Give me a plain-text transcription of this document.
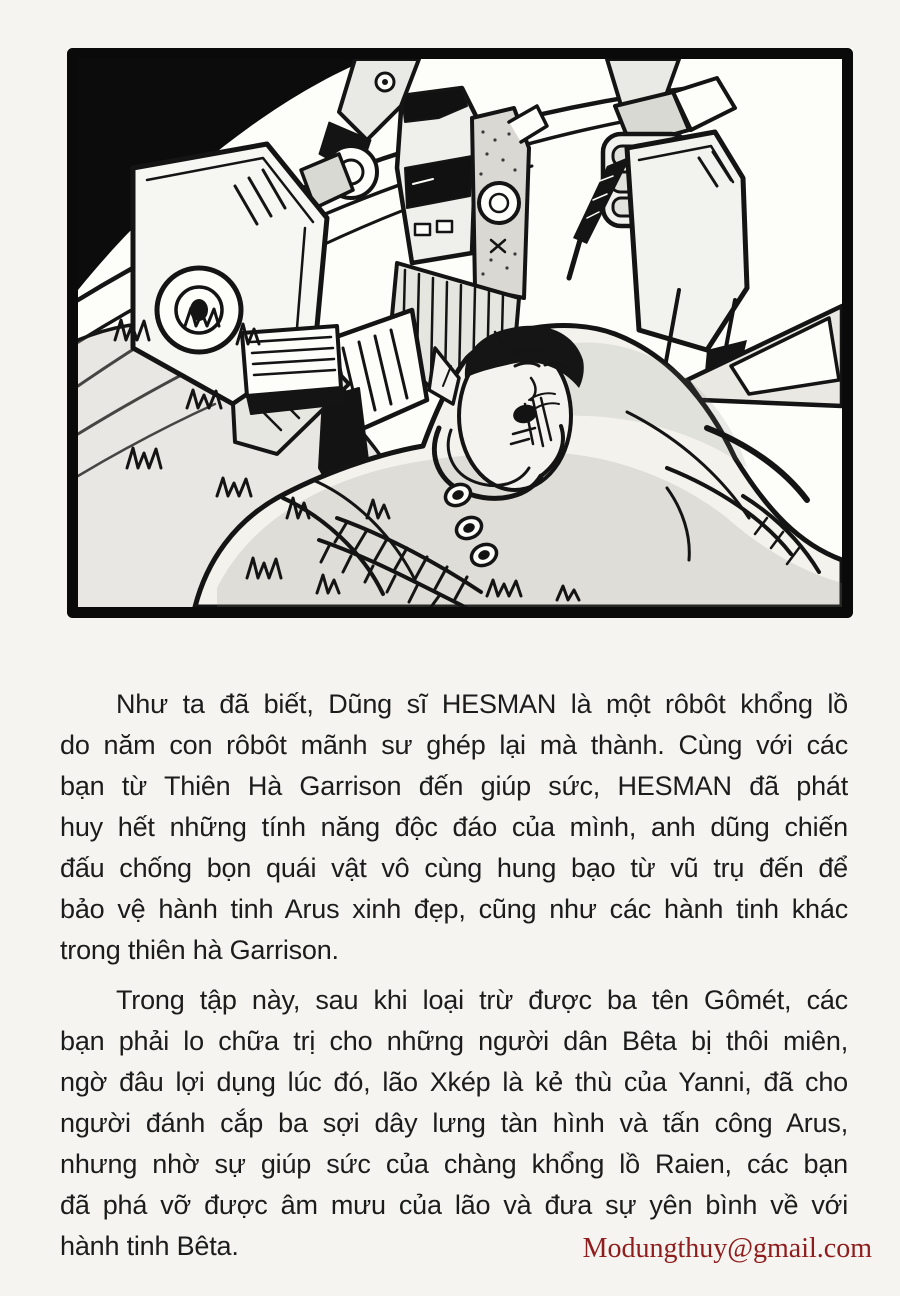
Như ta đã biết, Dũng sĩ HESMAN là một rôbôt khổng lồ
do năm con rôbôt mãnh sư ghép lại mà thành. Cùng với các
bạn từ Thiên Hà Garrison đến giúp sức, HESMAN đã phát
huy hết những tính năng độc đáo của mình, anh dũng chiến
đấu chống bọn quái vật vô cùng hung bạo từ vũ trụ đến để
bảo vệ hành tinh Arus xinh đẹp, cũng như các hành tinh khác
trong thiên hà Garrison.
Trong tập này, sau khi loại trừ được ba tên Gômét, các
bạn phải lo chữa trị cho những người dân Bêta bị thôi miên,
ngờ đâu lợi dụng lúc đó, lão Xkép là kẻ thù của Yanni, đã cho
người đánh cắp ba sợi dây lưng tàn hình và tấn công Arus,
nhưng nhờ sự giúp sức của chàng khổng lồ Raien, các bạn
đã phá vỡ được âm mưu của lão và đưa sự yên bình về với
hành tinh Bêta.	Modungthuy@gmail.com
